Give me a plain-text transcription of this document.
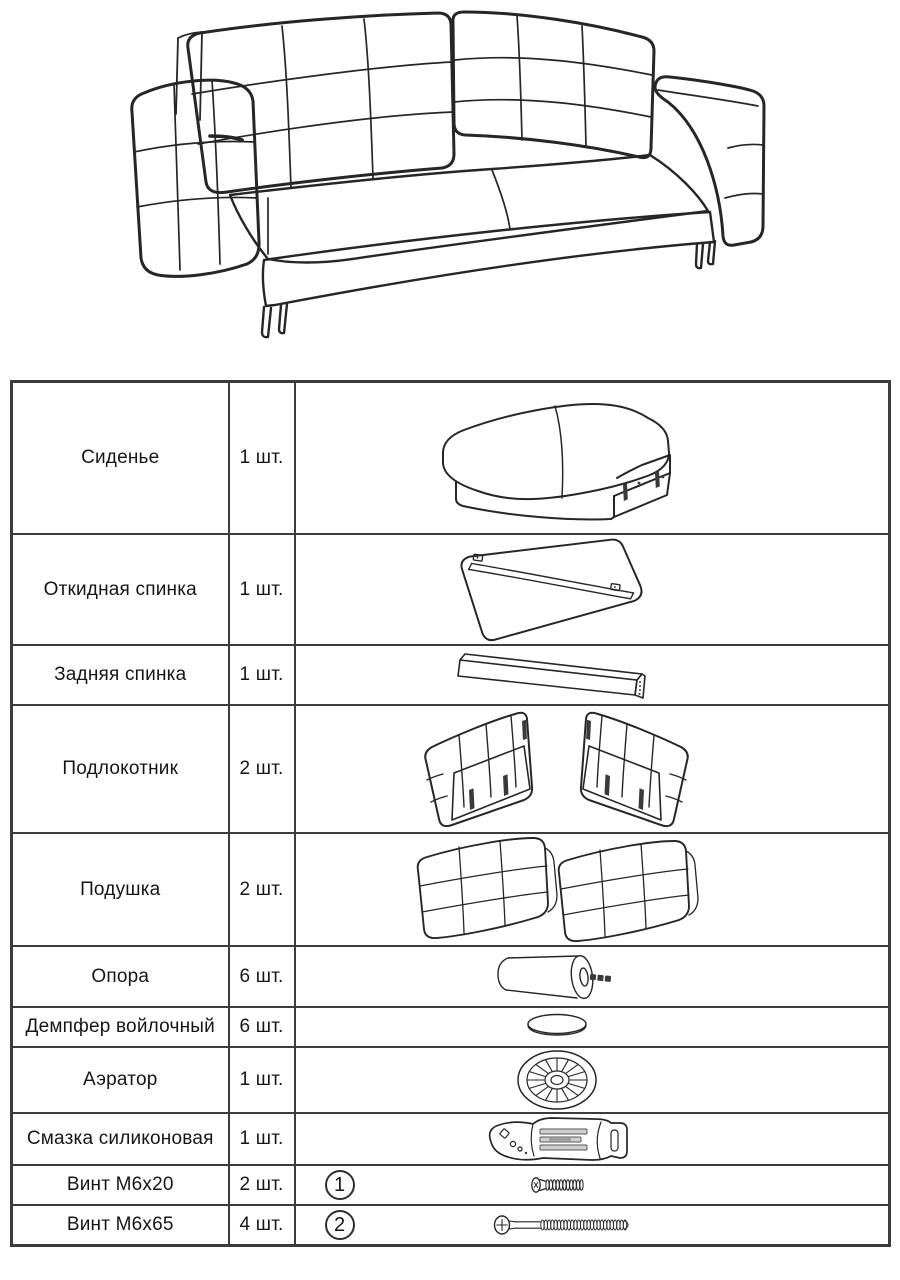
Сиденье	1 шт.	

Откидная спинка	1 шт.	

Задняя спинка	1 шт.	

Подлокотник	2 шт.	

Подушка	2 шт.	

Опора	6 шт.	

Демпфер войлочный	6 шт.	

Аэратор	1 шт.	

Смазка силиконовая	1 шт.	

Винт М6х20	2 шт.	1

Винт М6х65	4 шт.	2
